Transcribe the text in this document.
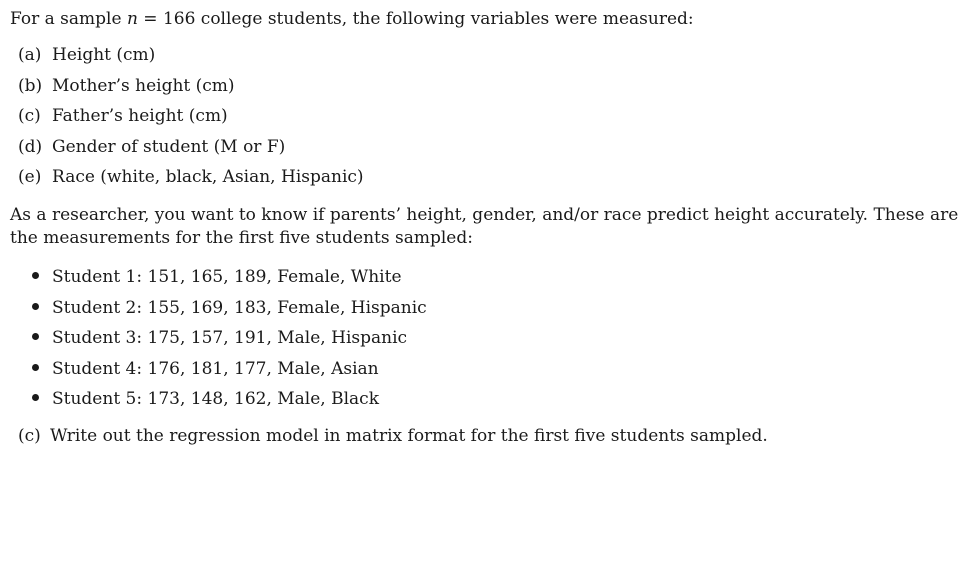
For a sample n = 166 college students, the following variables were measured:
(a) Height (cm)
(b) Mother’s height (cm)
(c) Father’s height (cm)
(d) Gender of student (M or F)
(e) Race (white, black, Asian, Hispanic)
As a researcher, you want to know if parents’ height, gender, and/or race predict height accurately. These are the measurements for the first five students sampled:
Student 1: 151, 165, 189, Female, White
Student 2: 155, 169, 183, Female, Hispanic
Student 3: 175, 157, 191, Male, Hispanic
Student 4: 176, 181, 177, Male, Asian
Student 5: 173, 148, 162, Male, Black
(c) Write out the regression model in matrix format for the first five students sampled.
